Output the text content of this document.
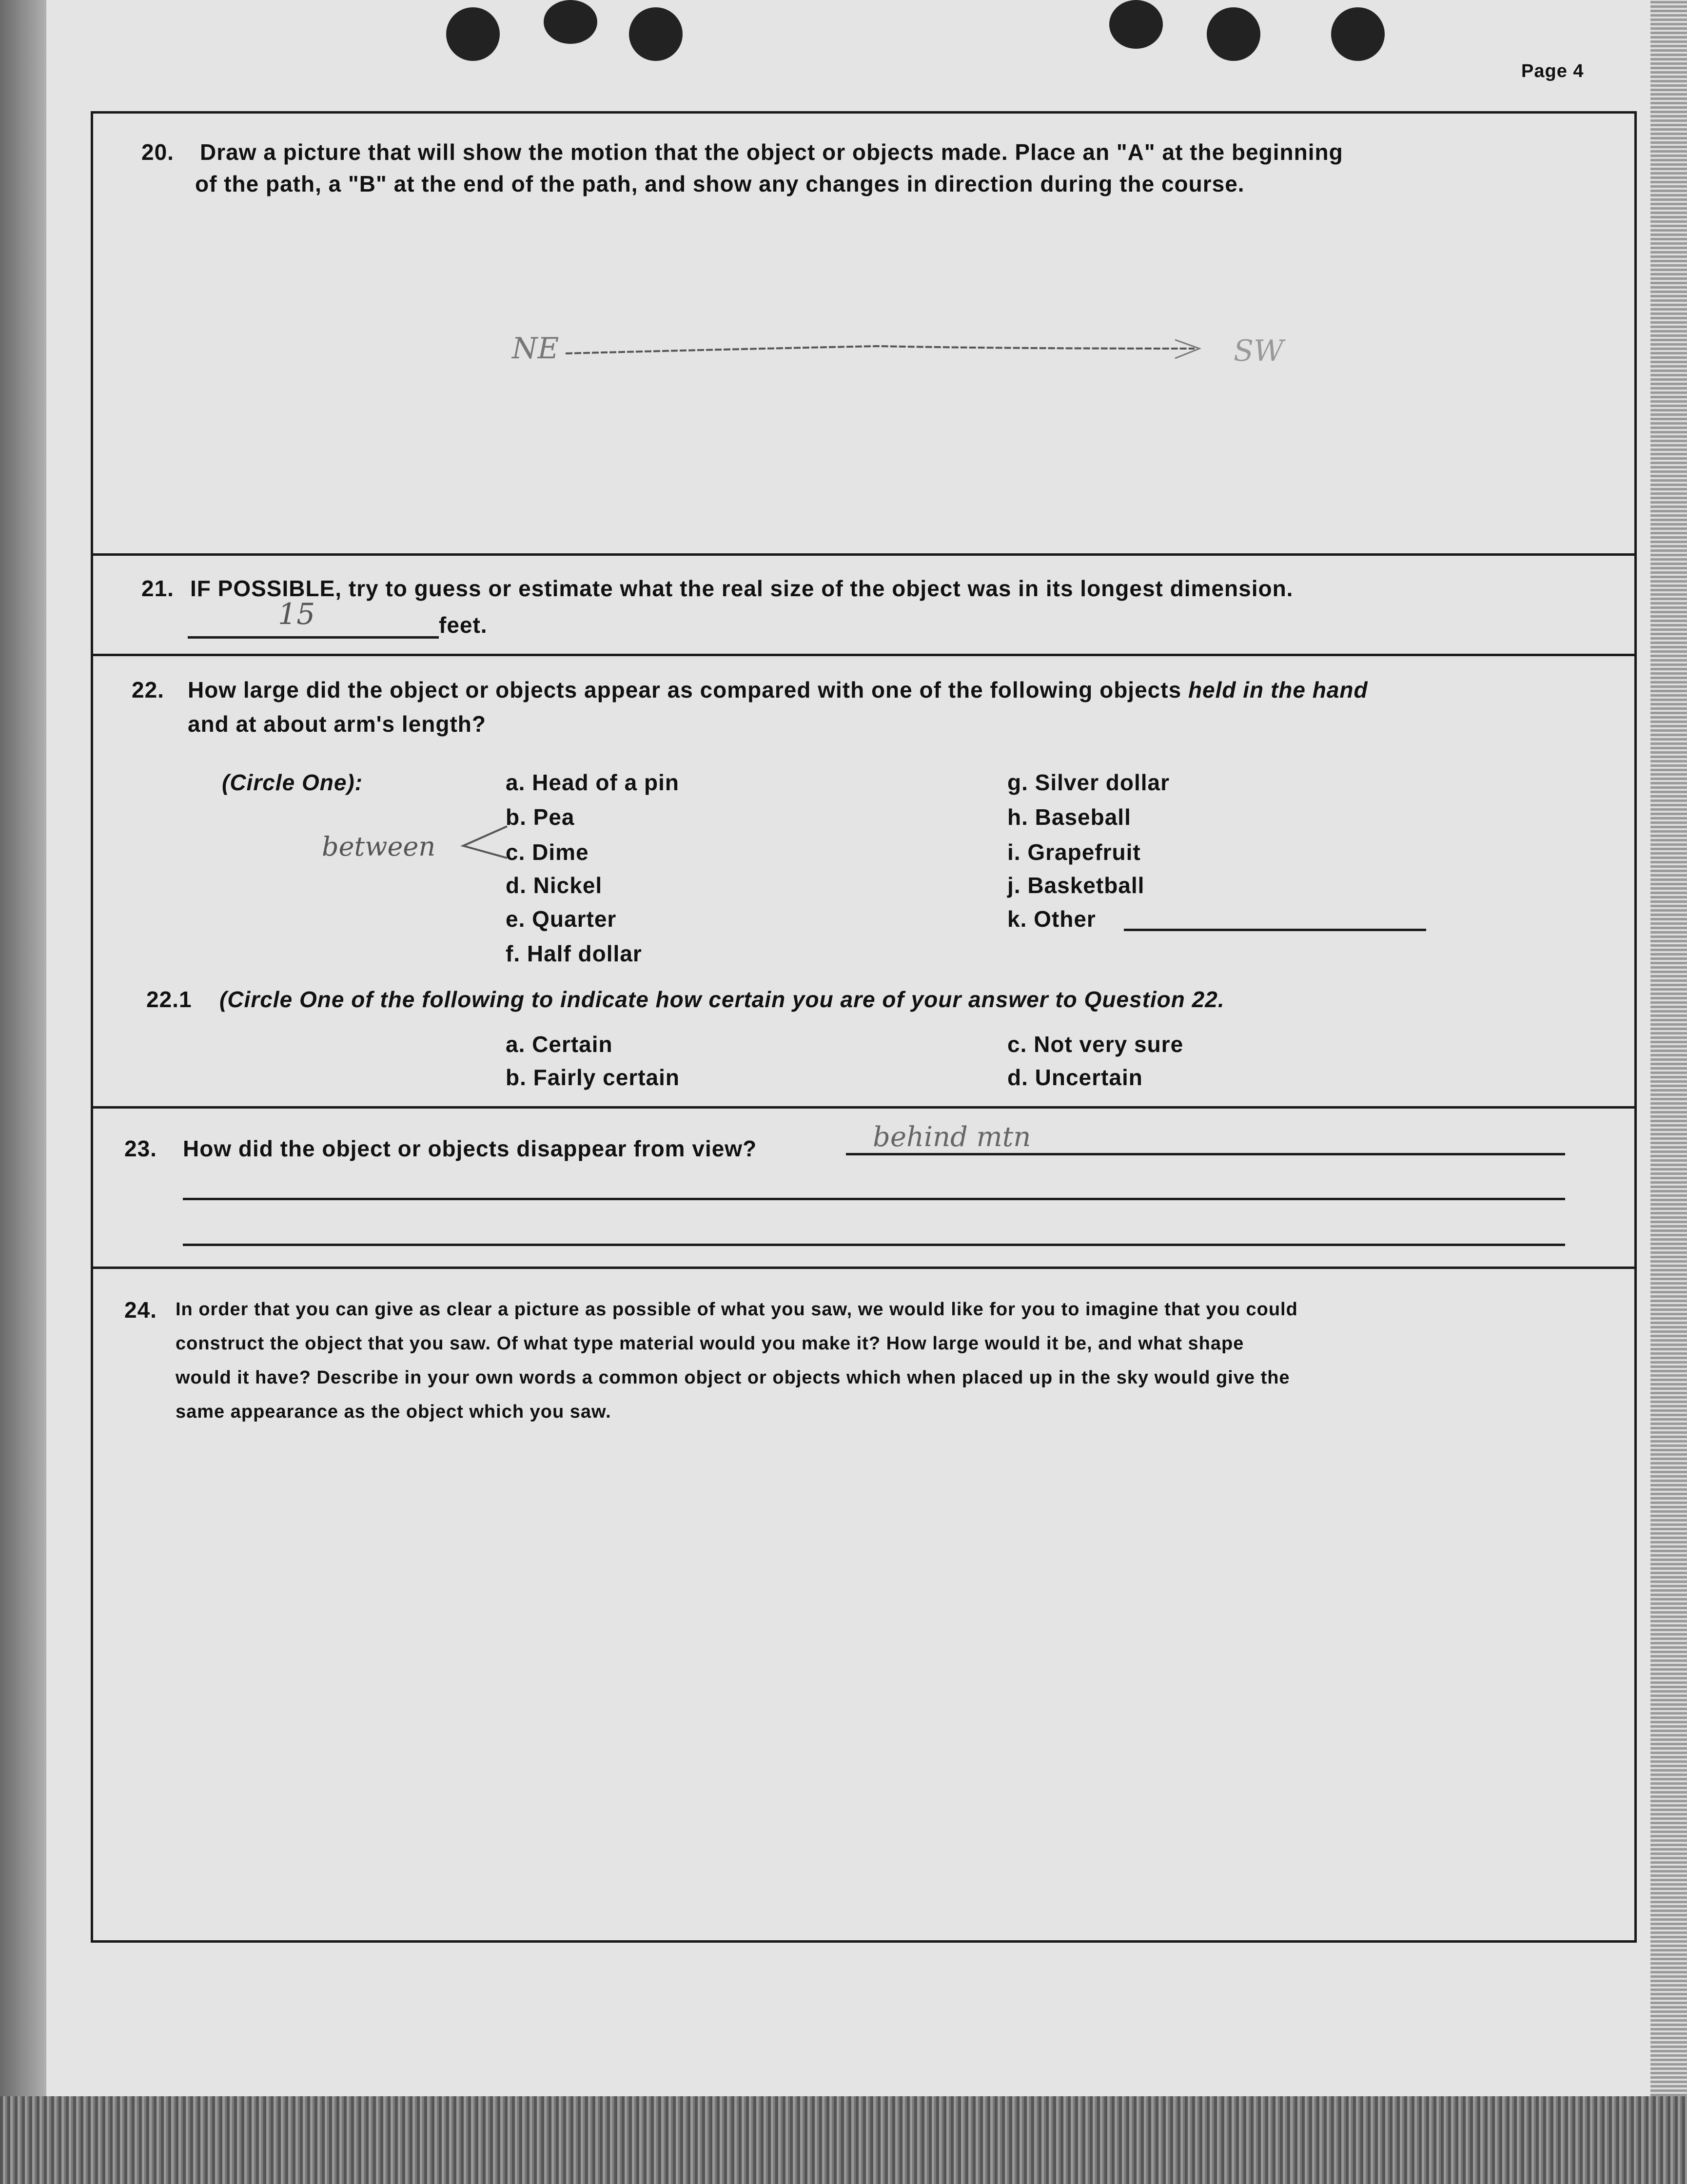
Page 4
20. Draw a picture that will show the motion that the object or objects made. Place an "A" at the beginning
of the path, a "B" at the end of the path, and show any changes in direction during the course.
NE	SW
21. IF POSSIBLE, try to guess or estimate what the real size of the object was in its longest dimension.
15	feet.
22. How large did the object or objects appear as compared with one of the following objects held in the hand
and at about arm's length?
(Circle One):
between
a. Head of a pin
b. Pea
c. Dime
d. Nickel
e. Quarter
f. Half dollar
g. Silver dollar
h. Baseball
i. Grapefruit
j. Basketball
k. Other
22.1 (Circle One of the following to indicate how certain you are of your answer to Question 22.
a. Certain
b. Fairly certain
c. Not very sure
d. Uncertain
23. How did the object or objects disappear from view?	behind mtn
24. In order that you can give as clear a picture as possible of what you saw, we would like for you to imagine that you could
construct the object that you saw. Of what type material would you make it? How large would it be, and what shape
would it have? Describe in your own words a common object or objects which when placed up in the sky would give the
same appearance as the object which you saw.
